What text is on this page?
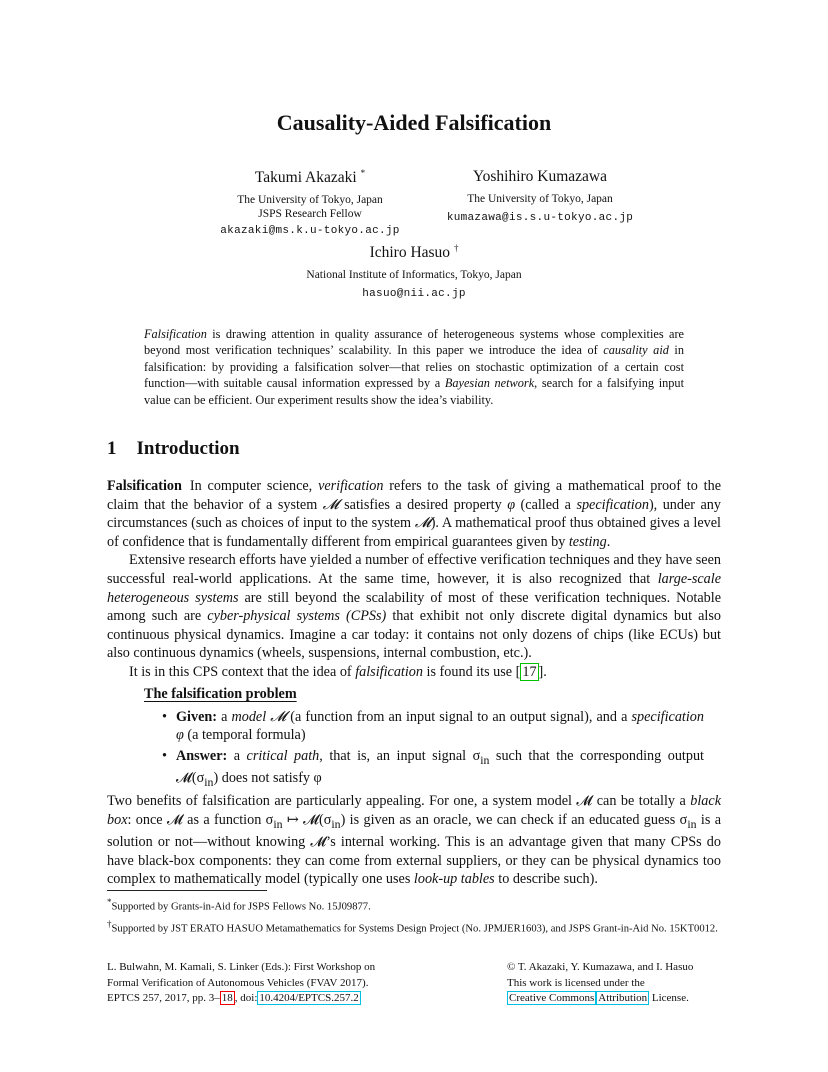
Causality-Aided Falsification
Takumi Akazaki *
The University of Tokyo, Japan
JSPS Research Fellow
akazaki@ms.k.u-tokyo.ac.jp
Yoshihiro Kumazawa
The University of Tokyo, Japan
kumazawa@is.s.u-tokyo.ac.jp
Ichiro Hasuo †
National Institute of Informatics, Tokyo, Japan
hasuo@nii.ac.jp
Falsification is drawing attention in quality assurance of heterogeneous systems whose complexities are beyond most verification techniques’ scalability. In this paper we introduce the idea of causality aid in falsification: by providing a falsification solver—that relies on stochastic optimization of a certain cost function—with suitable causal information expressed by a Bayesian network, search for a falsifying input value can be efficient. Our experiment results show the idea’s viability.
1 Introduction

Falsification In computer science, verification refers to the task of giving a mathematical proof to the claim that the behavior of a system 𝓜 satisfies a desired property φ (called a specification), under any circumstances (such as choices of input to the system 𝓜). A mathematical proof thus obtained gives a level of confidence that is fundamentally different from empirical guarantees given by testing.

Extensive research efforts have yielded a number of effective verification techniques and they have seen successful real-world applications. At the same time, however, it is also recognized that large-scale heterogeneous systems are still beyond the scalability of most of these verification techniques. Notable among such are cyber-physical systems (CPSs) that exhibit not only discrete digital dynamics but also continuous physical dynamics. Imagine a car today: it contains not only dozens of chips (like ECUs) but also continuous dynamics (wheels, suspensions, internal combustion, etc.).

It is in this CPS context that the idea of falsification is found its use [ 17 ].

The falsification problem
• Given: a model 𝓜 (a function from an input signal to an output signal), and a specification φ (a temporal formula)
• Answer: a critical path, that is, an input signal $\sigma_{in}$ such that the corresponding output $𝓜(\sigma_{in})$ does not satisfy φ

Two benefits of falsification are particularly appealing. For one, a system model 𝓜 can be totally a black box: once 𝓜 as a function $\sigma_{in}$ ↦ $𝓜(\sigma_{in})$ is given as an oracle, we can check if an educated guess $\sigma_{in}$ is a solution or not—without knowing 𝓜’s internal working. This is an advantage given that many CPSs do have black-box components: they can come from external suppliers, or they can be physical dynamics too complex to mathematically model (typically one uses look-up tables to describe such).

*Supported by Grants-in-Aid for JSPS Fellows No. 15J09877.

†Supported by JST ERATO HASUO Metamathematics for Systems Design Project (No. JPMJER1603), and JSPS Grant-in-Aid No. 15KT0012.

L. Bulwahn, M. Kamali, S. Linker (Eds.): First Workshop on
Formal Verification of Autonomous Vehicles (FVAV 2017).
EPTCS 257, 2017, pp. 3– 18 , doi: 10.4204/EPTCS.257.2
© T. Akazaki, Y. Kumazawa, and I. Hasuo
This work is licensed under the
Creative Commons Attribution License.
